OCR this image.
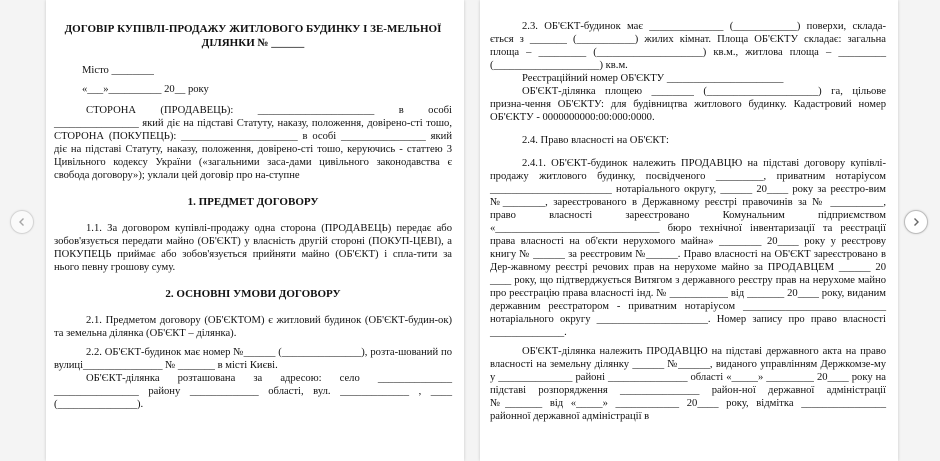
ДОГОВІР КУПІВЛІ-ПРОДАЖУ ЖИТЛОВОГО БУДИНКУ І ЗЕ-МЕЛЬНОЇ ДІЛЯНКИ № ______

Місто ________

«___»__________ 20__ року

СТОРОНА (ПРОДАВЕЦЬ): ______________________ в особі ________________ який діє на підставі Статуту, наказу, положення, довірено-сті тошо, СТОРОНА (ПОКУПЕЦЬ): ______________________ в особі ________________ який діє на підставі Статуту, наказу, положення, довірено-сті тошо, керуючись - статтею 3 Цивільного кодексу України («загальними заса-дами цивільного законодавства є свобода договору»); уклали цей договір про на-ступне

1. ПРЕДМЕТ ДОГОВОРУ

1.1. За договором купівлі-продажу одна сторона (ПРОДАВЕЦЬ) передає або зобов'язується передати майно (ОБ'ЄКТ) у власність другій стороні (ПОКУП-ЦЕВІ), а ПОКУПЕЦЬ приймає або зобов'язується прийняти майно (ОБ'ЄКТ) і спла-тити за нього певну грошову суму.

2. ОСНОВНІ УМОВИ ДОГОВОРУ

2.1. Предметом договору (ОБ'ЄКТОМ) є житловий будинок (ОБ'ЄКТ-будин-ок) та земельна ділянка (ОБ'ЄКТ – ділянка).

2.2. ОБ'ЄКТ-будинок має номер №______ (_______________), розта-шований по вулиці_______________ № _______ в місті Києві.

ОБ'ЄКТ-ділянка розташована за адресою: село ______________ ________________ району _____________ області, вул. _____________ , ____ (_______________).

2.3. ОБ'ЄКТ-будинок має ______________ (____________) поверхи, склада-ється з _______ (___________) жилих кімнат. Площа ОБ'ЄКТУ складає: загальна площа – _________ (____________________) кв.м., житлова площа – _________ (____________________) кв.м.

Реєстраційний номер ОБ'ЄКТУ ______________________

ОБ'ЄКТ-ділянка площею ________ (_____________________) га, цільове призна-чення ОБ'ЄКТУ: для будівництва житлового будинку. Кадастровий номер ОБ'ЄКТУ - 0000000000:00:000:0000.

2.4. Право власності на ОБ'ЄКТ:

2.4.1. ОБ'ЄКТ-будинок належить ПРОДАВЦЮ на підставі договору купівлі-продажу житлового будинку, посвідченого _________, приватним нотаріусом _______________________ нотаріального округу, ______ 20____ року за реєстро-вим №________, зареєстрованого в Державному реєстрі правочинів за № __________, право власності зареєстровано Комунальним підприємством «_______________________________ бюро технічної інвентаризації та реєстрації права власності на об'єкти нерухомого майна» ________ 20____ року у реєстрову книгу № ______ за реєстровим №______. Право власності на ОБ'ЄКТ зареєстровано в Дер-жавному реєстрі речових прав на нерухоме майно за ПРОДАВЦЕМ ______ 20 ____ року, що підтверджується Витягом з державного реєстру прав на нерухоме майно про реєстрацію права власності інд. № ___________ від _______ 20____ року, виданим державним реєстратором - приватним нотаріусом ___________________________ нотаріального округу _____________________. Номер запису про право власності ______________.

ОБ'ЄКТ-ділянка належить ПРОДАВЦЮ на підставі державного акта на право власності на земельну ділянку ______ №______, виданого управлінням Держкомзе-му у ______________ районі _______________ області «_____» _________ 20____ року на підставі розпорядження _______________ район-ної державної адміністрації №_______ від «_____» ____________ 20____ року, відмітка ________________ районної державної адміністрації в
